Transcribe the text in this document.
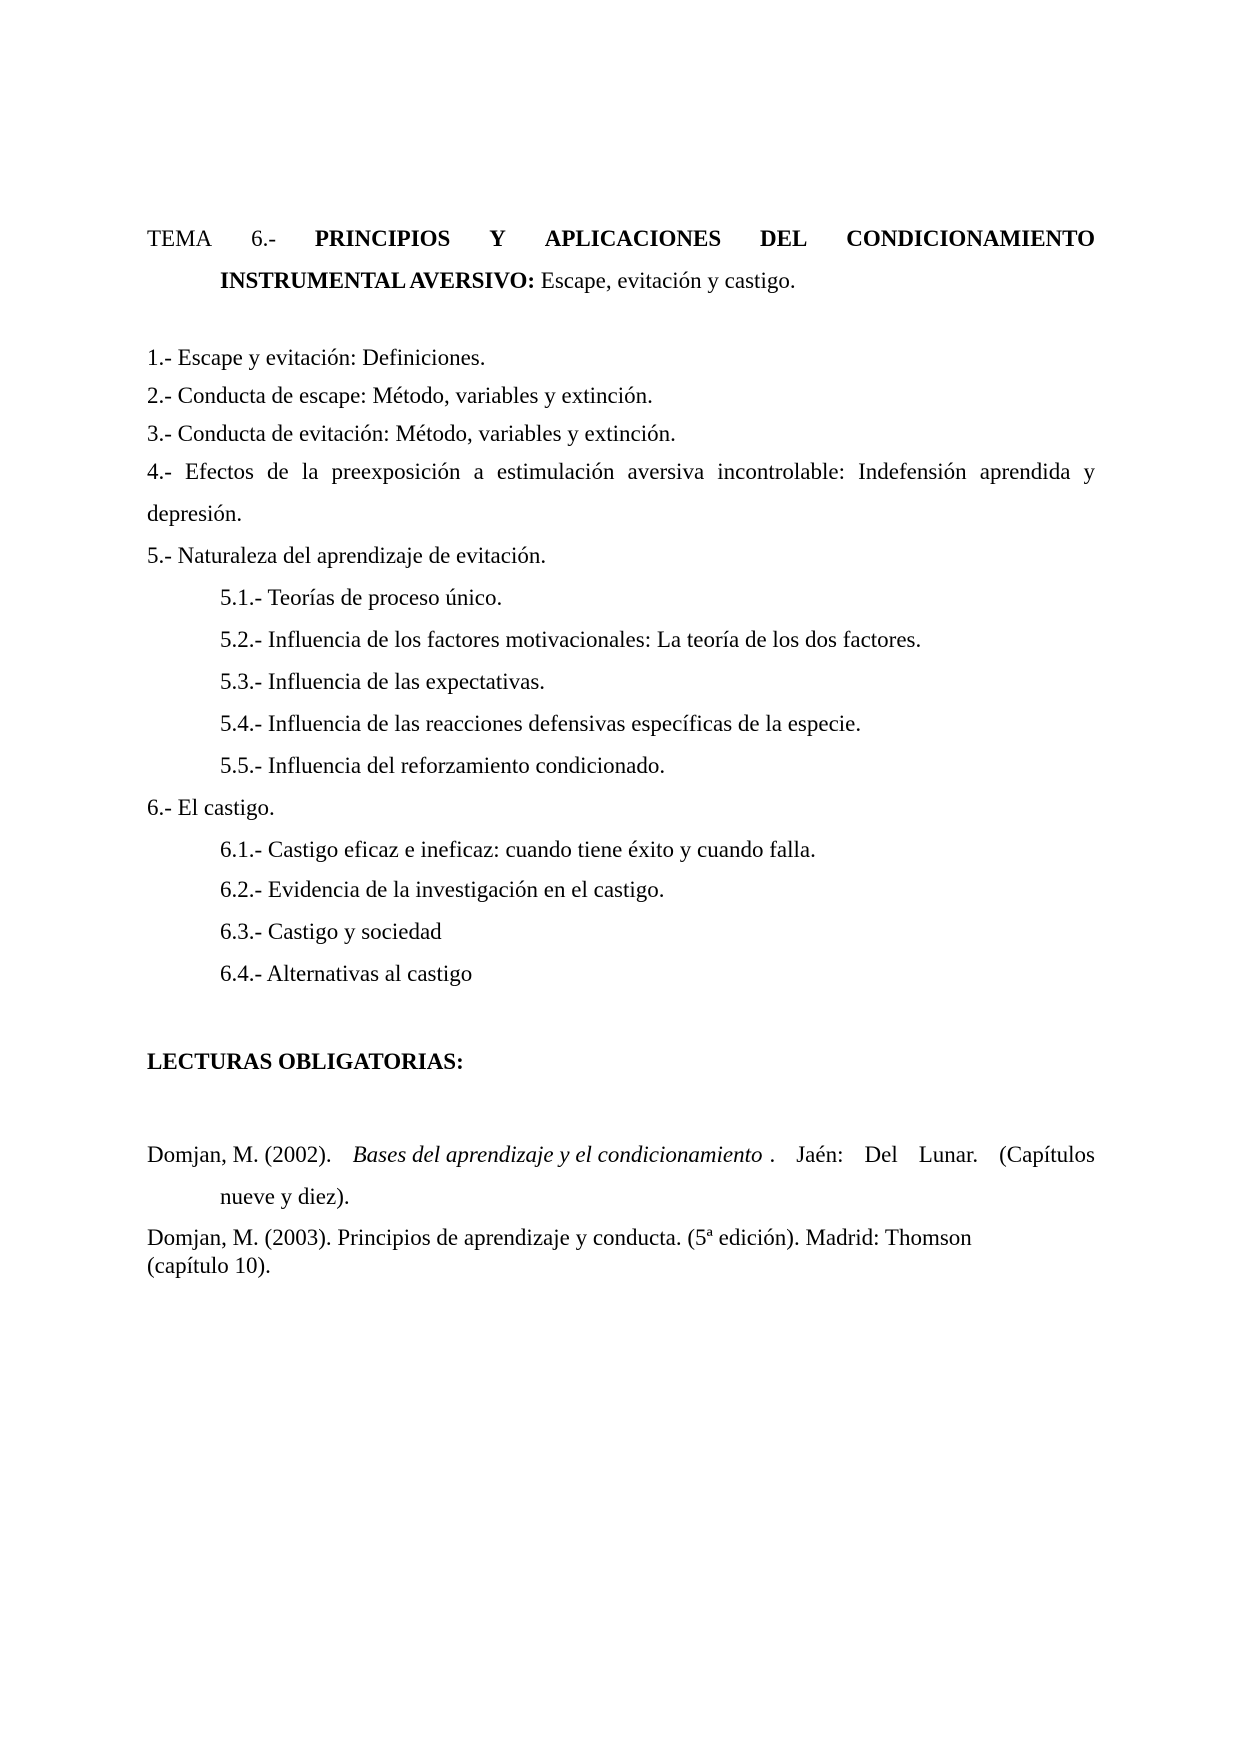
TEMA 6.- PRINCIPIOS Y APLICACIONES DEL CONDICIONAMIENTO
INSTRUMENTAL AVERSIVO: Escape, evitación y castigo.
1.- Escape y evitación: Definiciones.
2.- Conducta de escape: Método, variables y extinción.
3.- Conducta de evitación: Método, variables y extinción.
4.- Efectos de la preexposición a estimulación aversiva incontrolable: Indefensión aprendida y
depresión.
5.- Naturaleza del aprendizaje de evitación.
5.1.- Teorías de proceso único.
5.2.- Influencia de los factores motivacionales: La teoría de los dos factores.
5.3.- Influencia de las expectativas.
5.4.- Influencia de las reacciones defensivas específicas de la especie.
5.5.- Influencia del reforzamiento condicionado.
6.- El castigo.
6.1.- Castigo eficaz e ineficaz: cuando tiene éxito y cuando falla.
6.2.- Evidencia de la investigación en el castigo.
6.3.- Castigo y sociedad
6.4.- Alternativas al castigo
LECTURAS OBLIGATORIAS:
Domjan, M. (2002). Bases del aprendizaje y el condicionamiento . Jaén: Del Lunar. (Capítulos
nueve y diez).
Domjan, M. (2003). Principios de aprendizaje y conducta. (5ª edición). Madrid: Thomson
(capítulo 10).
